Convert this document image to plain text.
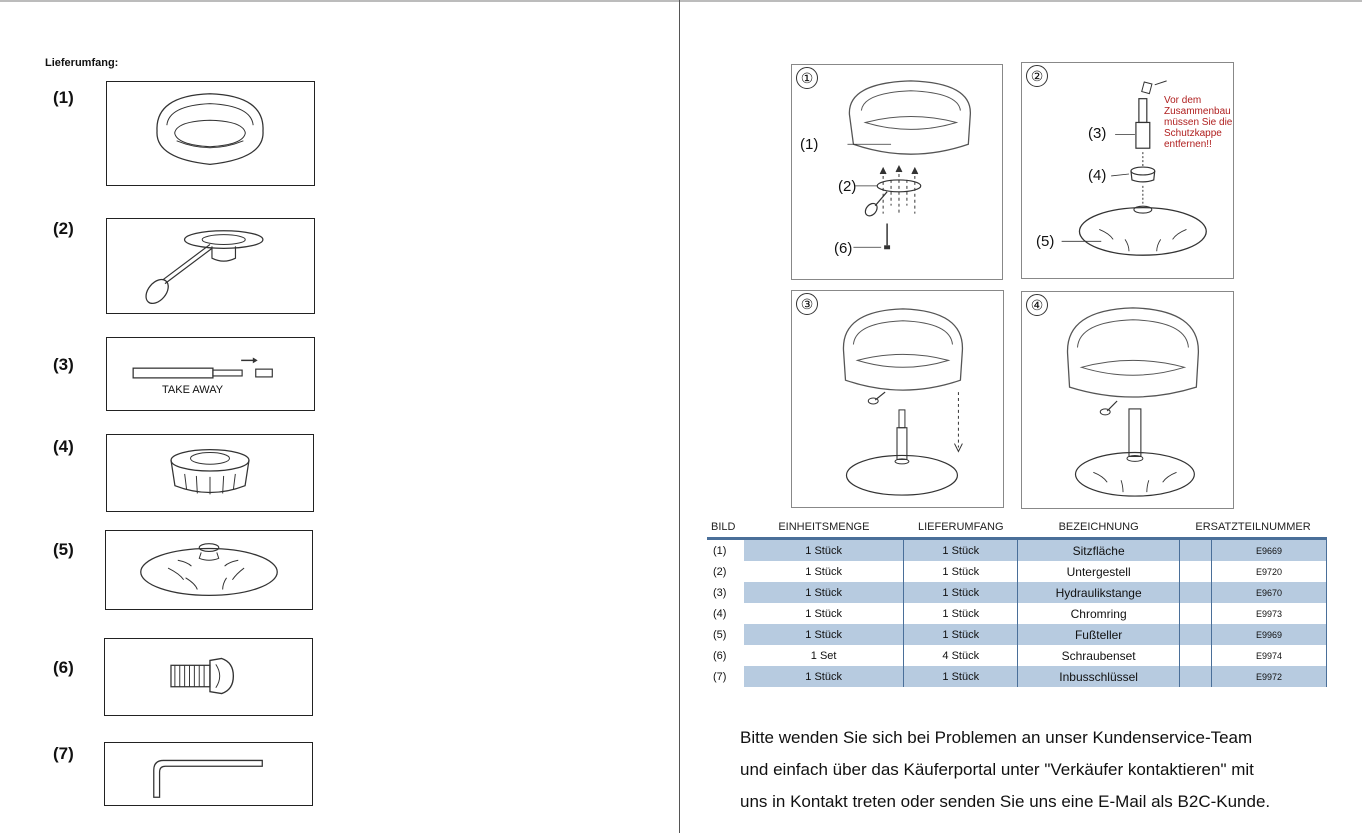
Lieferumfang:
(1)
(2)
(3)
TAKE AWAY
(4)
(5)
(6)
(7)
①
(1)
(2)
(6)
②
(3)
(4)
(5)
Vor dem Zusammenbau müssen Sie die Schutzkappe entfernen!!
③	④
BILD	EINHEITSMENGE	LIEFERUMFANG	BEZEICHNUNG	ERSATZTEILNUMMER	
(1)	1 Stück	1 Stück	Sitzfläche		E9669
(2)	1 Stück	1 Stück	Untergestell		E9720
(3)	1 Stück	1 Stück	Hydraulikstange		E9670
(4)	1 Stück	1 Stück	Chromring		E9973
(5)	1 Stück	1 Stück	Fußteller		E9969
(6)	1 Set	4 Stück	Schraubenset		E9974
(7)	1 Stück	1 Stück	Inbusschlüssel		E9972
Bitte wenden Sie sich bei Problemen an unser Kundenservice-Team
und einfach über das Käuferportal unter "Verkäufer kontaktieren" mit
uns in Kontakt treten oder senden Sie uns eine E-Mail als B2C-Kunde.
